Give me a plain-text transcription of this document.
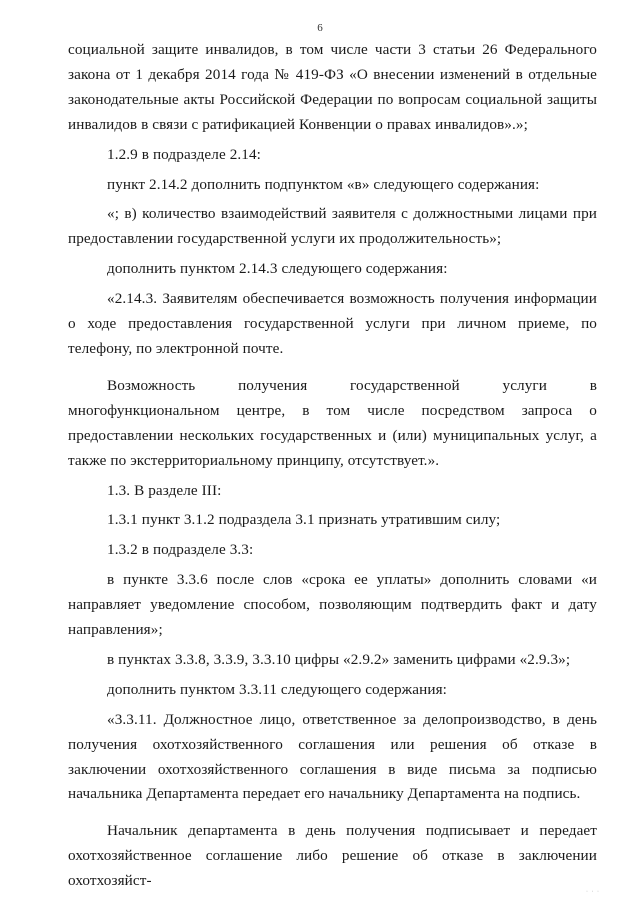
6

социальной защите инвалидов, в том числе части 3 статьи 26 Федерального закона от 1 декабря 2014 года № 419-ФЗ «О внесении изменений в отдельные законодательные акты Российской Федерации по вопросам социальной защиты инвалидов в связи с ратификацией Конвенции о правах инвалидов».»;

1.2.9 в подразделе 2.14:

пункт 2.14.2 дополнить подпунктом «в» следующего содержания:

«; в) количество взаимодействий заявителя с должностными лицами при предоставлении государственной услуги их продолжительность»;

дополнить пунктом 2.14.3 следующего содержания:

«2.14.3. Заявителям обеспечивается возможность получения информации о ходе предоставления государственной услуги при личном приеме, по телефону, по электронной почте.

Возможность получения государственной услуги в многофункциональном центре, в том числе посредством запроса о предоставлении нескольких государственных и (или) муниципальных услуг, а также по экстерриториальному принципу, отсутствует.».

1.3. В разделе III:

1.3.1 пункт 3.1.2 подраздела 3.1 признать утратившим силу;

1.3.2 в подразделе 3.3:

в пункте 3.3.6 после слов «срока ее уплаты» дополнить словами «и направляет уведомление способом, позволяющим подтвердить факт и дату направления»;

в пунктах 3.3.8, 3.3.9, 3.3.10 цифры «2.9.2» заменить цифрами «2.9.3»;

дополнить пунктом 3.3.11 следующего содержания:

«3.3.11. Должностное лицо, ответственное за делопроизводство, в день получения охотхозяйственного соглашения или решения об отказе в заключении охотхозяйственного соглашения в виде письма за подписью начальника Департамента передает его начальнику Департамента на подпись.

Начальник департамента в день получения подписывает и передает охотхозяйственное соглашение либо решение об отказе в заключении охотхозяйст-

· · ·
